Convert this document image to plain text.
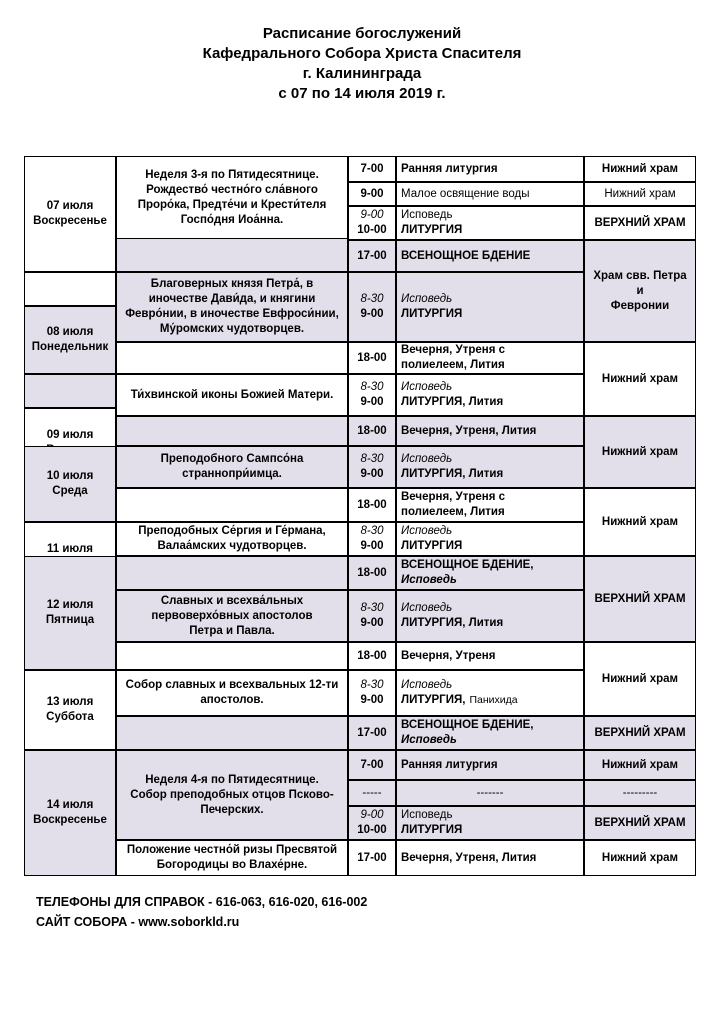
Расписание богослужений
Кафедрального Собора Христа Спасителя
г. Калининграда
с 07 по 14 июля 2019 г.
07 июля
Воскресенье
08 июля
Понедельник
09 июля
10 июля
Среда
11 июля
12 июля
Пятница
13 июля
Суббота
14 июля
Воскресенье
Неделя 3-я по Пятидесятнице.
Рождество́ честно́го сла́вного
Проро́ка, Предте́чи и Крести́теля
Госпо́дня Иоа́нна.
Благоверных князя Петра́, в
иночестве Дави́да, и княгини
Февро́нии, в иночестве Евфроси́нии,
Му́ромских чудотворцев.
Ти́хвинской иконы Божией Матери.
Преподобного Сампсо́на
страннопри́имца.
Преподобных Се́ргия и Ге́рмана,
Валаа́мских чудотворцев.
Славных и всехва́льных
первоверхо́вных апостолов
Петра и Павла.
Собор славных и всехвальных 12-ти
апостолов.
Неделя 4-я по Пятидесятнице.
Собор преподобных отцов Псково-
Печерских.
Положение честно́й ризы Пресвятой
Богородицы во Влахе́рне.
7-00 Ранняя литургия
9-00 Малое освящение воды
9-00
10-00
Исповедь
ЛИТУРГИЯ
17-00 ВСЕНОЩНОЕ БДЕНИЕ
8-30
9-00
Исповедь
ЛИТУРГИЯ
18-00
Вечерня, Утреня с
полиелеем, Лития
8-30
9-00
Исповедь
ЛИТУРГИЯ, Лития
18-00 Вечерня, Утреня, Лития
8-30
9-00
Исповедь
ЛИТУРГИЯ, Лития
18-00
Вечерня, Утреня с
полиелеем, Лития
8-30
9-00
Исповедь
ЛИТУРГИЯ
18-00
ВСЕНОЩНОЕ БДЕНИЕ,
Исповедь
8-30
9-00
Исповедь
ЛИТУРГИЯ, Лития
18-00 Вечерня, Утреня
8-30
9-00
Исповедь
ЛИТУРГИЯ, Панихида
17-00
ВСЕНОЩНОЕ БДЕНИЕ,
Исповедь
7-00 Ранняя литургия
-----	-------
9-00
10-00
Исповедь
ЛИТУРГИЯ
17-00 Вечерня, Утреня, Лития
Нижний храм
Нижний храм
ВЕРХНИЙ ХРАМ
Храм свв. Петра и
Февронии
Нижний храм
Нижний храм
Нижний храм
ВЕРХНИЙ ХРАМ
Нижний храм
ВЕРХНИЙ ХРАМ
Нижний храм
---------
ВЕРХНИЙ ХРАМ
Нижний храм
ТЕЛЕФОНЫ ДЛЯ СПРАВОК - 616-063, 616-020, 616-002
САЙТ СОБОРА - www.soborkld.ru
